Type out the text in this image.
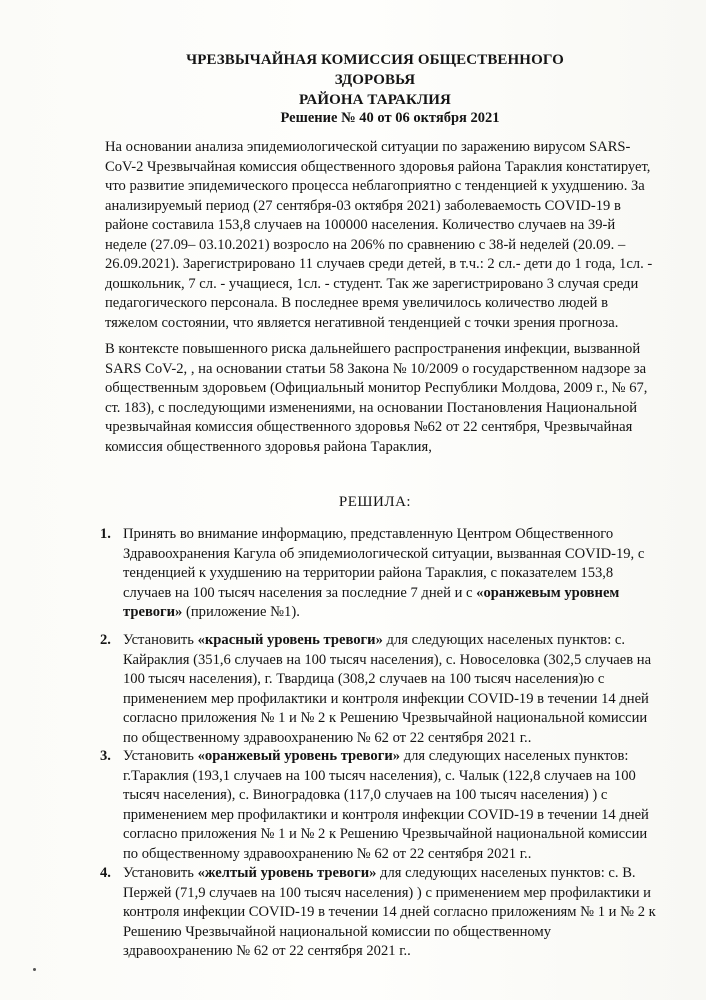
ЧРЕЗВЫЧАЙНАЯ КОМИССИЯ ОБЩЕСТВЕННОГО ЗДОРОВЬЯ
РАЙОНА ТАРАКЛИЯ
Решение № 40 от 06 октября 2021
На основании анализа эпидемиологической ситуации по заражению вирусом SARS-CoV-2 Чрезвычайная комиссия общественного здоровья района Тараклия констатирует, что развитие эпидемического процесса неблагоприятно с тенденцией к ухудшению. За анализируемый период (27 сентября-03 октября 2021) заболеваемость COVID-19 в районе составила 153,8 случаев на 100000 населения. Количество случаев на 39-й неделе (27.09– 03.10.2021) возросло на 206% по сравнению с 38-й неделей (20.09. – 26.09.2021). Зарегистрировано 11 случаев среди детей, в т.ч.: 2 сл.- дети до 1 года, 1сл. - дошкольник, 7 сл. - учащиеся, 1сл. - студент. Так же зарегистрировано 3 случая среди педагогического персонала. В последнее время увеличилось количество людей в тяжелом состоянии, что является негативной тенденцией с точки зрения прогноза.
В контексте повышенного риска дальнейшего распространения инфекции, вызванной SARS CoV-2, , на основании статьи 58 Закона № 10/2009 о государственном надзоре за общественным здоровьем (Официальный монитор Республики Молдова, 2009 г., № 67, ст. 183), с последующими изменениями, на основании Постановления Национальной чрезвычайная комиссия общественного здоровья №62 от 22 сентября, Чрезвычайная комиссия общественного здоровья района Тараклия,
РЕШИЛА:
1. Принять во внимание информацию, представленную Центром Общественного Здравоохранения Кагула об эпидемиологической ситуации, вызванная COVID-19, с тенденцией к ухудшению на территории района Тараклия, с показателем 153,8 случаев на 100 тысяч населения за последние 7 дней и с «оранжевым уровнем тревоги» (приложение №1).
2. Установить «красный уровень тревоги» для следующих населеных пунктов: с. Кайраклия (351,6 случаев на 100 тысяч населения), с. Новоселовка (302,5 случаев на 100 тысяч населения), г. Твардица (308,2 случаев на 100 тысяч населения)ю с применением мер профилактики и контроля инфекции COVID-19 в течении 14 дней согласно приложения № 1 и № 2 к Решению Чрезвычайной национальной комиссии по общественному здравоохранению № 62 от 22 сентября 2021 г..
3. Установить «оранжевый уровень тревоги» для следующих населеных пунктов: г.Тараклия (193,1 случаев на 100 тысяч населения), с. Чалык (122,8 случаев на 100 тысяч населения), с. Виноградовка (117,0 случаев на 100 тысяч населения) ) с применением мер профилактики и контроля инфекции COVID-19 в течении 14 дней согласно приложения № 1 и № 2 к Решению Чрезвычайной национальной комиссии по общественному здравоохранению № 62 от 22 сентября 2021 г..
4. Установить «желтый уровень тревоги» для следующих населеных пунктов: с. В. Пержей (71,9 случаев на 100 тысяч населения) ) с применением мер профилактики и контроля инфекции COVID-19 в течении 14 дней согласно приложениям № 1 и № 2 к Решению Чрезвычайной национальной комиссии по общественному здравоохранению № 62 от 22 сентября 2021 г..
